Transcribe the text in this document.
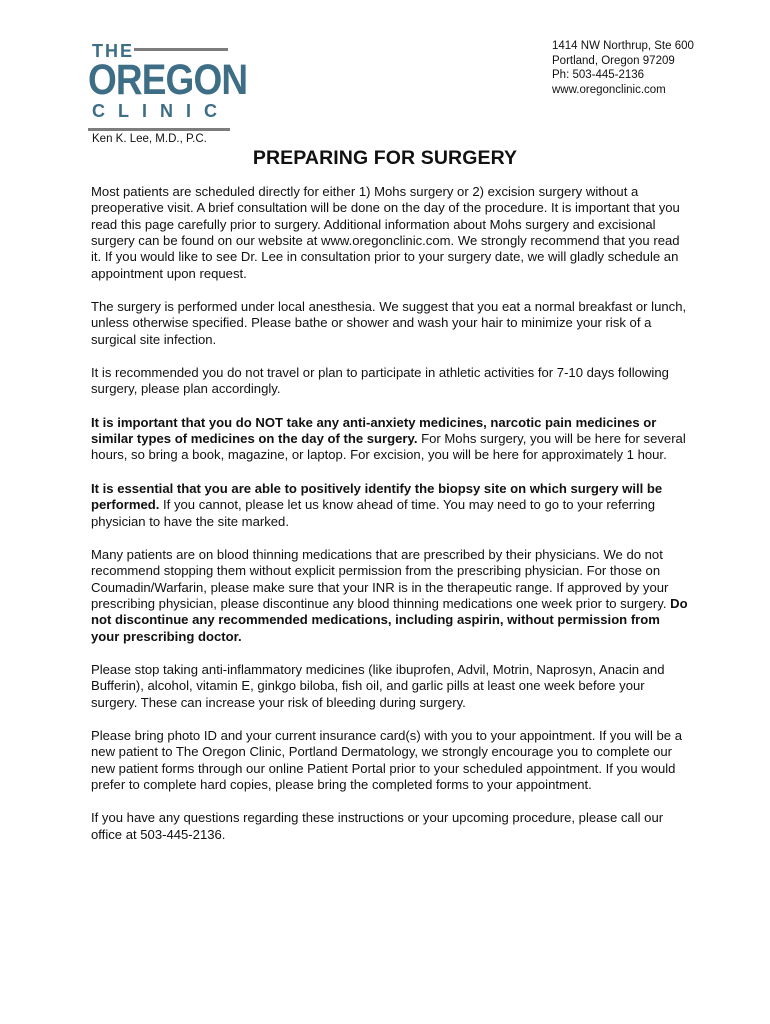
THE
OREGON
CLINIC
1414 NW Northrup, Ste 600
Portland, Oregon 97209
Ph: 503-445-2136
www.oregonclinic.com
Ken K. Lee, M.D., P.C.
PREPARING FOR SURGERY

Most patients are scheduled directly for either 1) Mohs surgery or 2) excision surgery without a preoperative visit. A brief consultation will be done on the day of the procedure. It is important that you read this page carefully prior to surgery. Additional information about Mohs surgery and excisional surgery can be found on our website at www.oregonclinic.com. We strongly recommend that you read it. If you would like to see Dr. Lee in consultation prior to your surgery date, we will gladly schedule an appointment upon request.

The surgery is performed under local anesthesia. We suggest that you eat a normal breakfast or lunch, unless otherwise specified. Please bathe or shower and wash your hair to minimize your risk of a surgical site infection.

It is recommended you do not travel or plan to participate in athletic activities for 7-10 days following surgery, please plan accordingly.

It is important that you do NOT take any anti-anxiety medicines, narcotic pain medicines or similar types of medicines on the day of the surgery. For Mohs surgery, you will be here for several hours, so bring a book, magazine, or laptop. For excision, you will be here for approximately 1 hour.

It is essential that you are able to positively identify the biopsy site on which surgery will be performed. If you cannot, please let us know ahead of time. You may need to go to your referring physician to have the site marked.

Many patients are on blood thinning medications that are prescribed by their physicians. We do not recommend stopping them without explicit permission from the prescribing physician. For those on Coumadin/Warfarin, please make sure that your INR is in the therapeutic range. If approved by your prescribing physician, please discontinue any blood thinning medications one week prior to surgery. Do not discontinue any recommended medications, including aspirin, without permission from your prescribing doctor.

Please stop taking anti-inflammatory medicines (like ibuprofen, Advil, Motrin, Naprosyn, Anacin and Bufferin), alcohol, vitamin E, ginkgo biloba, fish oil, and garlic pills at least one week before your surgery. These can increase your risk of bleeding during surgery.

Please bring photo ID and your current insurance card(s) with you to your appointment. If you will be a new patient to The Oregon Clinic, Portland Dermatology, we strongly encourage you to complete our new patient forms through our online Patient Portal prior to your scheduled appointment. If you would prefer to complete hard copies, please bring the completed forms to your appointment.

If you have any questions regarding these instructions or your upcoming procedure, please call our office at 503-445-2136.
